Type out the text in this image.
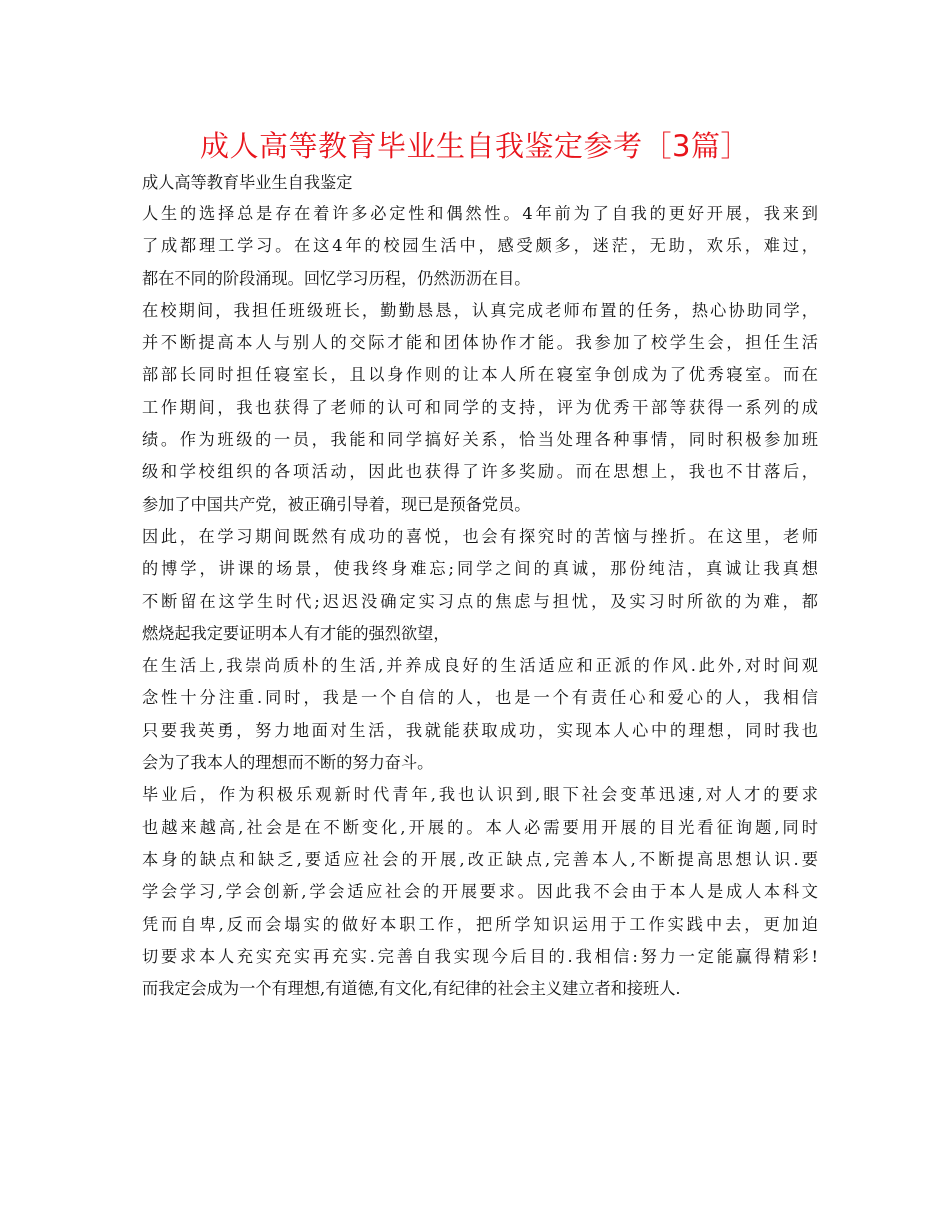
成人高等教育毕业生自我鉴定参考［3篇］

成人高等教育毕业生自我鉴定

人生的选择总是存在着许多必定性和偶然性。4年前为了自我的更好开展，我来到
了成都理工学习。在这4年的校园生活中，感受颇多，迷茫，无助，欢乐，难过，
都在不同的阶段涌现。回忆学习历程，仍然沥沥在目。
在校期间，我担任班级班长，勤勤恳恳，认真完成老师布置的任务，热心协助同学，
并不断提高本人与别人的交际才能和团体协作才能。我参加了校学生会，担任生活
部部长同时担任寝室长，且以身作则的让本人所在寝室争创成为了优秀寝室。而在
工作期间，我也获得了老师的认可和同学的支持，评为优秀干部等获得一系列的成
绩。作为班级的一员，我能和同学搞好关系，恰当处理各种事情，同时积极参加班
级和学校组织的各项活动，因此也获得了许多奖励。而在思想上，我也不甘落后，
参加了中国共产党，被正确引导着，现已是预备党员。
因此，在学习期间既然有成功的喜悦，也会有探究时的苦恼与挫折。在这里，老师
的博学，讲课的场景，使我终身难忘;同学之间的真诚，那份纯洁，真诚让我真想
不断留在这学生时代;迟迟没确定实习点的焦虑与担忧，及实习时所欲的为难，都
燃烧起我定要证明本人有才能的强烈欲望，
在生活上,我崇尚质朴的生活,并养成良好的生活适应和正派的作风.此外,对时间观
念性十分注重.同时，我是一个自信的人，也是一个有责任心和爱心的人，我相信
只要我英勇，努力地面对生活，我就能获取成功，实现本人心中的理想，同时我也
会为了我本人的理想而不断的努力奋斗。
毕业后，作为积极乐观新时代青年,我也认识到,眼下社会变革迅速,对人才的要求
也越来越高,社会是在不断变化,开展的。本人必需要用开展的目光看征询题,同时
本身的缺点和缺乏,要适应社会的开展,改正缺点,完善本人,不断提高思想认识.要
学会学习,学会创新,学会适应社会的开展要求。因此我不会由于本人是成人本科文
凭而自卑,反而会塌实的做好本职工作，把所学知识运用于工作实践中去，更加迫
切要求本人充实充实再充实.完善自我实现今后目的.我相信:努力一定能赢得精彩!
而我定会成为一个有理想,有道德,有文化,有纪律的社会主义建立者和接班人.
